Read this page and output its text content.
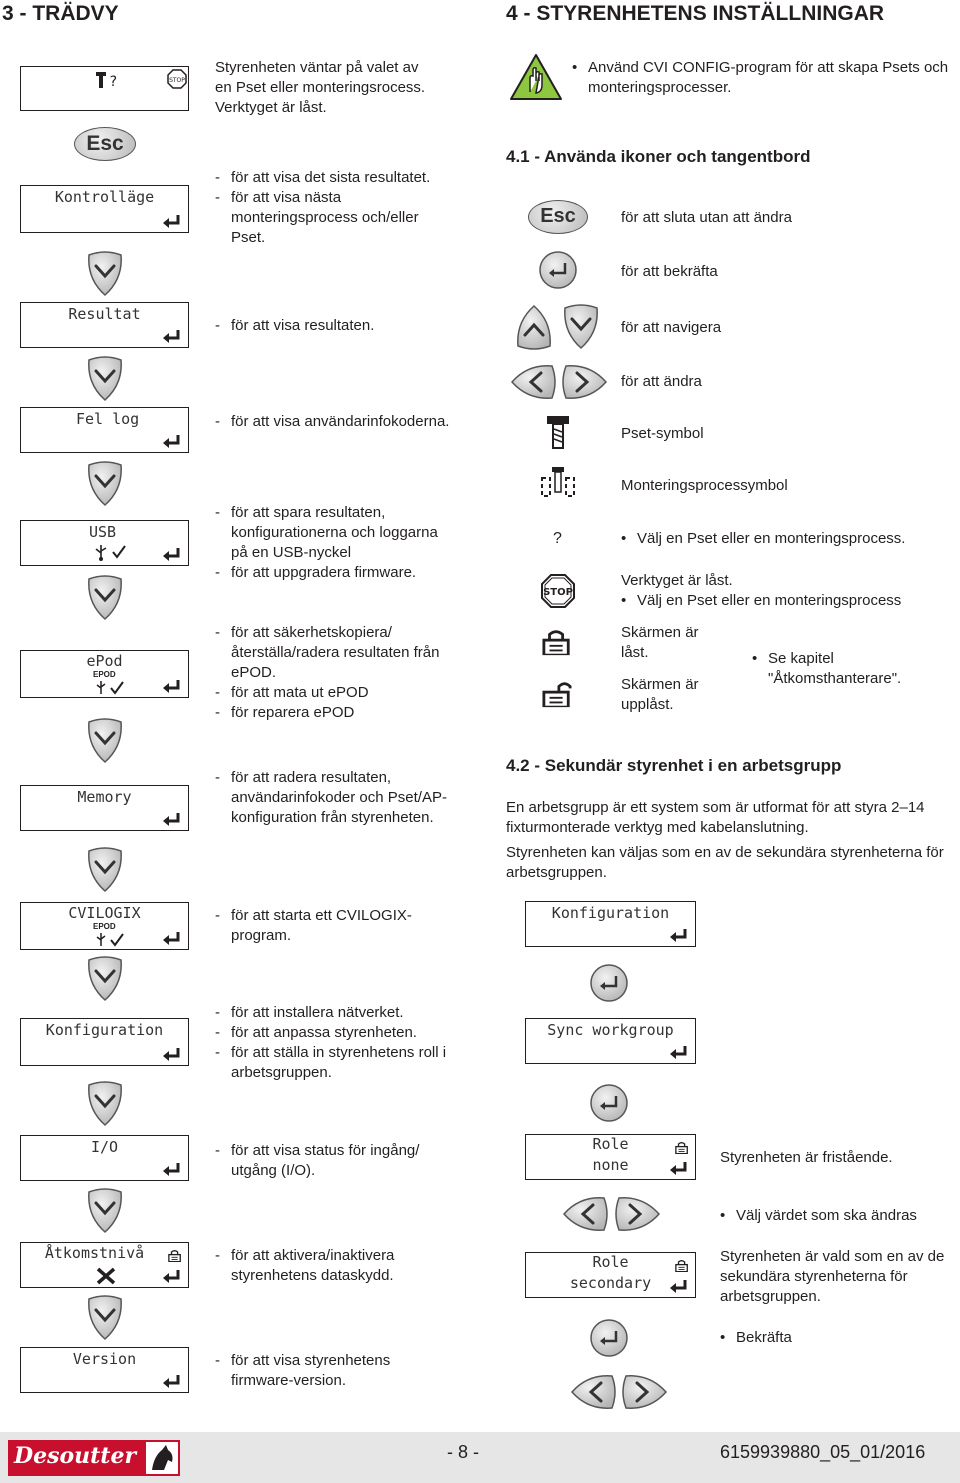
3 - TRÄDVY
?	STOP
Styrenheten väntar på valet av
en Pset eller monteringsrocess.
Verktyget är låst.
Esc
Kontrolläge
- för att visa det sista resultatet.
- för att visa nästa monteringsprocess och/eller Pset.
Resultat
- för att visa resultaten.
Fel log	- för att visa användarinfokoderna.
USB
- för att spara resultaten, konfigurationerna och loggarna på en USB-nyckel
- för att uppgradera firmware.
ePod
EPOD
- för att säkerhetskopiera/ återställa/radera resultaten från ePOD.
- för att mata ut ePOD
- för reparera ePOD
Memory
- för att radera resultaten, användarinfokoder och Pset/AP-konfiguration från styrenheten.
CVILOGIX
EPOD
- för att starta ett CVILOGIX-program.
Konfiguration
- för att installera nätverket.
- för att anpassa styrenheten.
- för att ställa in styrenhetens roll i arbetsgruppen.
I/O	- för att visa status för ingång/ utgång (I/O).
Åtkomstnivå	- för att aktivera/inaktivera styrenhetens dataskydd.
Version	- för att visa styrenhetens firmware-version.
4 - STYRENHETENS INSTÄLLNINGAR
• Använd CVI CONFIG-program för att skapa Psets och monteringsprocesser.
4.1 - Använda ikoner och tangentbord
Esc	för att sluta utan att ändra
för att bekräfta
för att navigera
för att ändra
Pset-symbol
Monteringsprocessymbol
?	• Välj en Pset eller en monteringsprocess.
STOP
Verktyget är låst.
• Välj en Pset eller en monteringsprocess
Skärmen är låst.
Skärmen är upplåst.
• Se kapitel "Åtkomsthanterare".
4.2 - Sekundär styrenhet i en arbetsgrupp
En arbetsgrupp är ett system som är utformat för att styra 2–14 fixturmonterade verktyg med kabelanslutning.
Styrenheten kan väljas som en av de sekundära styrenheterna för arbetsgruppen.
Konfiguration
Sync workgroup
Role
none	Styrenheten är fristående.
• Välj värdet som ska ändras
Role
secondary
Styrenheten är vald som en av de sekundära styrenheterna för arbetsgruppen.
• Bekräfta
Desoutter	- 8 -	6159939880_05_01/2016
